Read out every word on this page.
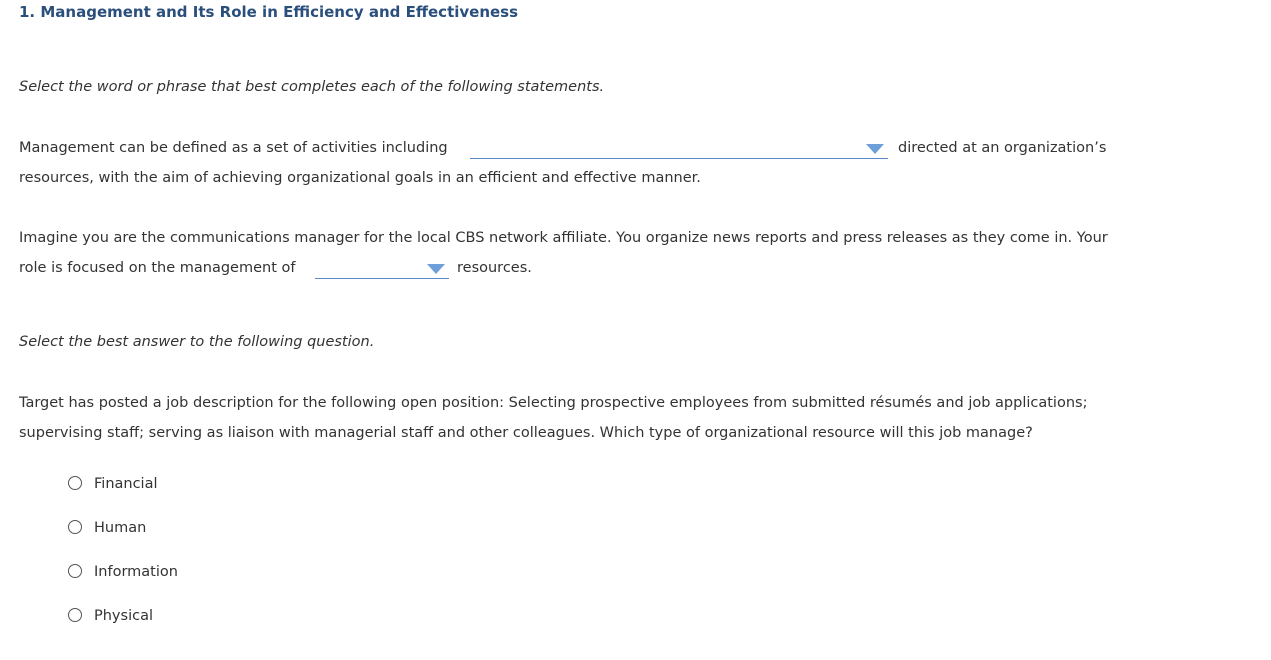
1. Management and Its Role in Efficiency and Effectiveness
Select the word or phrase that best completes each of the following statements.
Management can be defined as a set of activities including	directed at an organization’s
resources, with the aim of achieving organizational goals in an efficient and effective manner.
Imagine you are the communications manager for the local CBS network affiliate. You organize news reports and press releases as they come in. Your
role is focused on the management of	resources.
Select the best answer to the following question.
Target has posted a job description for the following open position: Selecting prospective employees from submitted résumés and job applications;
supervising staff; serving as liaison with managerial staff and other colleagues. Which type of organizational resource will this job manage?
Financial
Human
Information
Physical
